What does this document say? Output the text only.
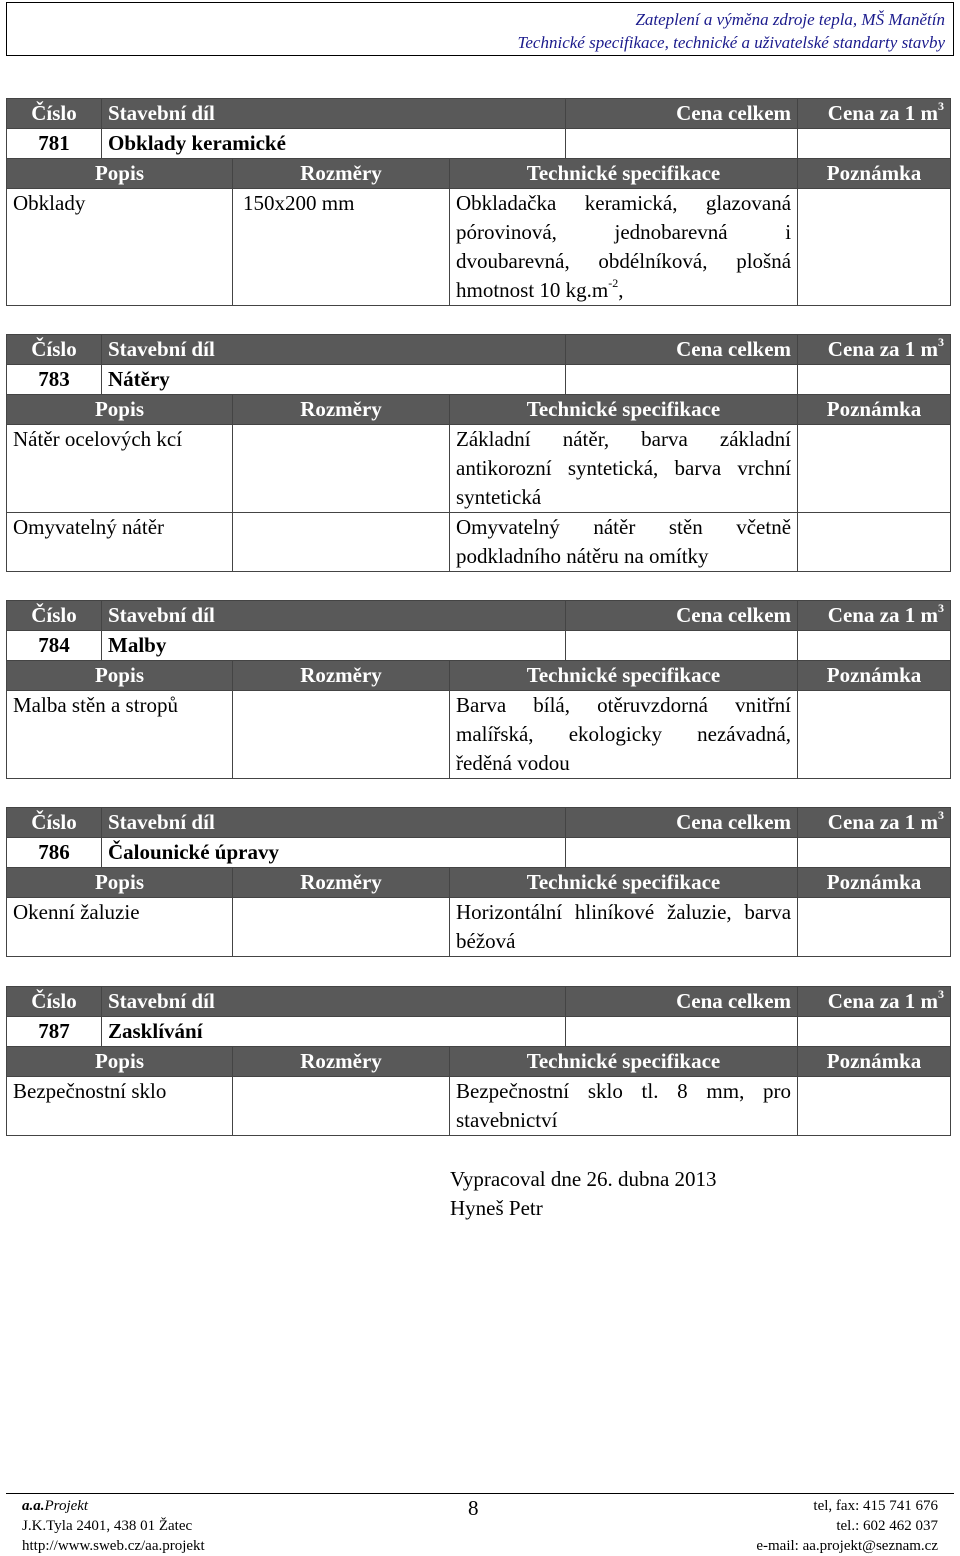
Zateplení a výměna zdroje tepla, MŠ Manětín
Technické specifikace, technické a uživatelské standarty stavby
Číslo	Stavební díl			Cena celkem	Cena za 1 $m^3$
781	Obklady keramické				
Popis		Rozměry	Technické specifikace		Poznámka
Obklady		150x200 mm	Obkladačka keramická, glazovaná pórovinová, jednobarevná i dvoubarevná, obdélníková, plošná hmotnost 10 $kg.m^{-2}$,		
Číslo	Stavební díl			Cena celkem	Cena za 1 $m^3$
783	Nátěry				
Popis		Rozměry	Technické specifikace		Poznámka
Nátěr ocelových kcí			Základní nátěr, barva základní antikorozní syntetická, barva vrchní syntetická		
Omyvatelný nátěr			Omyvatelný nátěr stěn včetně podkladního nátěru na omítky		
Číslo	Stavební díl			Cena celkem	Cena za 1 $m^3$
784	Malby				
Popis		Rozměry	Technické specifikace		Poznámka
Malba stěn a stropů			Barva bílá, otěruvzdorná vnitřní malířská, ekologicky nezávadná, ředěná vodou		
Číslo	Stavební díl			Cena celkem	Cena za 1 $m^3$
786	Čalounické úpravy				
Popis		Rozměry	Technické specifikace		Poznámka
Okenní žaluzie			Horizontální hliníkové žaluzie, barva béžová		
Číslo	Stavební díl			Cena celkem	Cena za 1 $m^3$
787	Zasklívání				
Popis		Rozměry	Technické specifikace		Poznámka
Bezpečnostní sklo			Bezpečnostní sklo tl. 8 mm, pro stavebnictví		
Vypracoval dne 26. dubna 2013
Hyneš Petr
a.a.Projekt
J.K.Tyla 2401, 438 01 Žatec
http://www.sweb.cz/aa.projekt
8	tel, fax: 415 741 676
tel.: 602 462 037
e-mail: aa.projekt@seznam.cz
